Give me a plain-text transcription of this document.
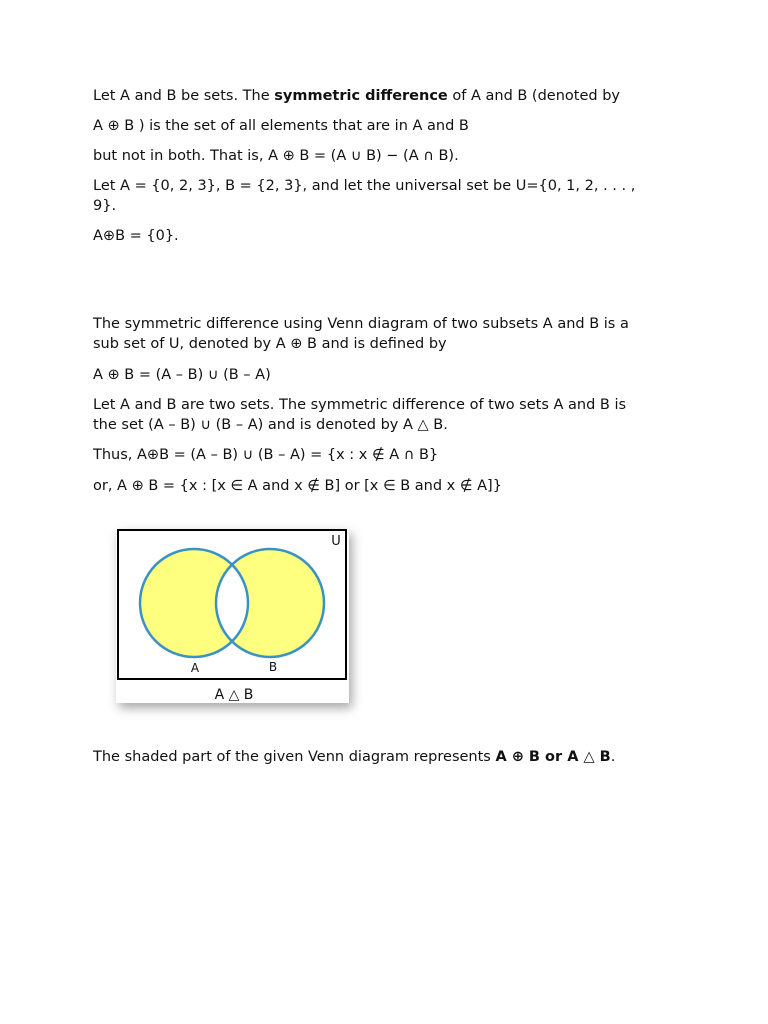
Let A and B be sets. The symmetric difference of A and B (denoted by

A ⊕ B ) is the set of all elements that are in A and B

but not in both. That is, A ⊕ B = (A ∪ B) − (A ∩ B).

Let A = {0, 2, 3}, B = {2, 3}, and let the universal set be U={0, 1, 2, . . . ,

9}.

A⊕B = {0}.

The symmetric difference using Venn diagram of two subsets A and B is a

sub set of U, denoted by A ⊕ B and is defined by

A ⊕ B = (A – B) ∪ (B – A)

Let A and B are two sets. The symmetric difference of two sets A and B is

the set (A – B) ∪ (B – A) and is denoted by A △ B.

Thus, A⊕B = (A – B) ∪ (B – A) = {x : x ∉ A ∩ B}

or, A ⊕ B = {x : [x ∈ A and x ∉ B] or [x ∈ B and x ∉ A]}

U
A	B
A △ B

The shaded part of the given Venn diagram represents A ⊕ B or A △ B.
